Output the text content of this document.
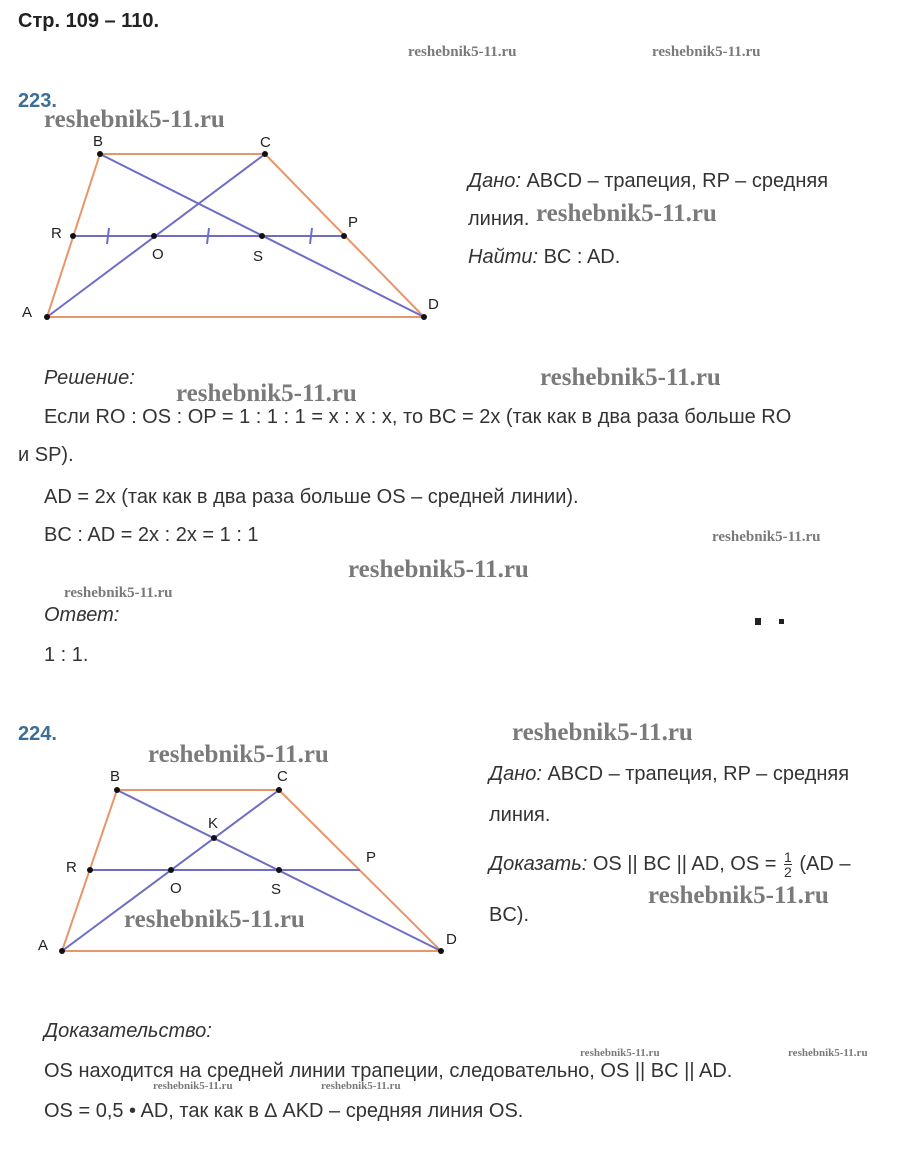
Стр. 109 – 110.
reshebnik5-11.ru	reshebnik5-11.ru
223.
reshebnik5-11.ru
B	C
A	D
R
O	S
P
Дано: ABCD – трапеция, RP – средняя
линия. reshebnik5-11.ru
Найти: BC : AD.
Решение:
reshebnik5-11.ru
reshebnik5-11.ru
Если RO : OS : OP = 1 : 1 : 1 = x : x : x, то BC = 2x (так как в два раза больше RO
и SP).
AD = 2x (так как в два раза больше OS – средней линии).
BC : AD = 2x : 2x = 1 : 1	reshebnik5-11.ru
reshebnik5-11.ru
reshebnik5-11.ru
Ответ:
1 : 1.
224.
reshebnik5-11.ru
reshebnik5-11.ru
B	C
A	D
R
O	S
P
K
reshebnik5-11.ru
Дано: ABCD – трапеция, RP – средняя
линия.
Доказать: OS || BC || AD, OS = $\frac{1}{2} (AD$ –
BC).
reshebnik5-11.ru
Доказательство:
reshebnik5-11.ru	reshebnik5-11.ru
OS находится на средней линии трапеции, следовательно, OS || BC || AD.
reshebnik5-11.ru	reshebnik5-11.ru
OS = 0,5 • AD, так как в ∆ AKD – средняя линия OS.
